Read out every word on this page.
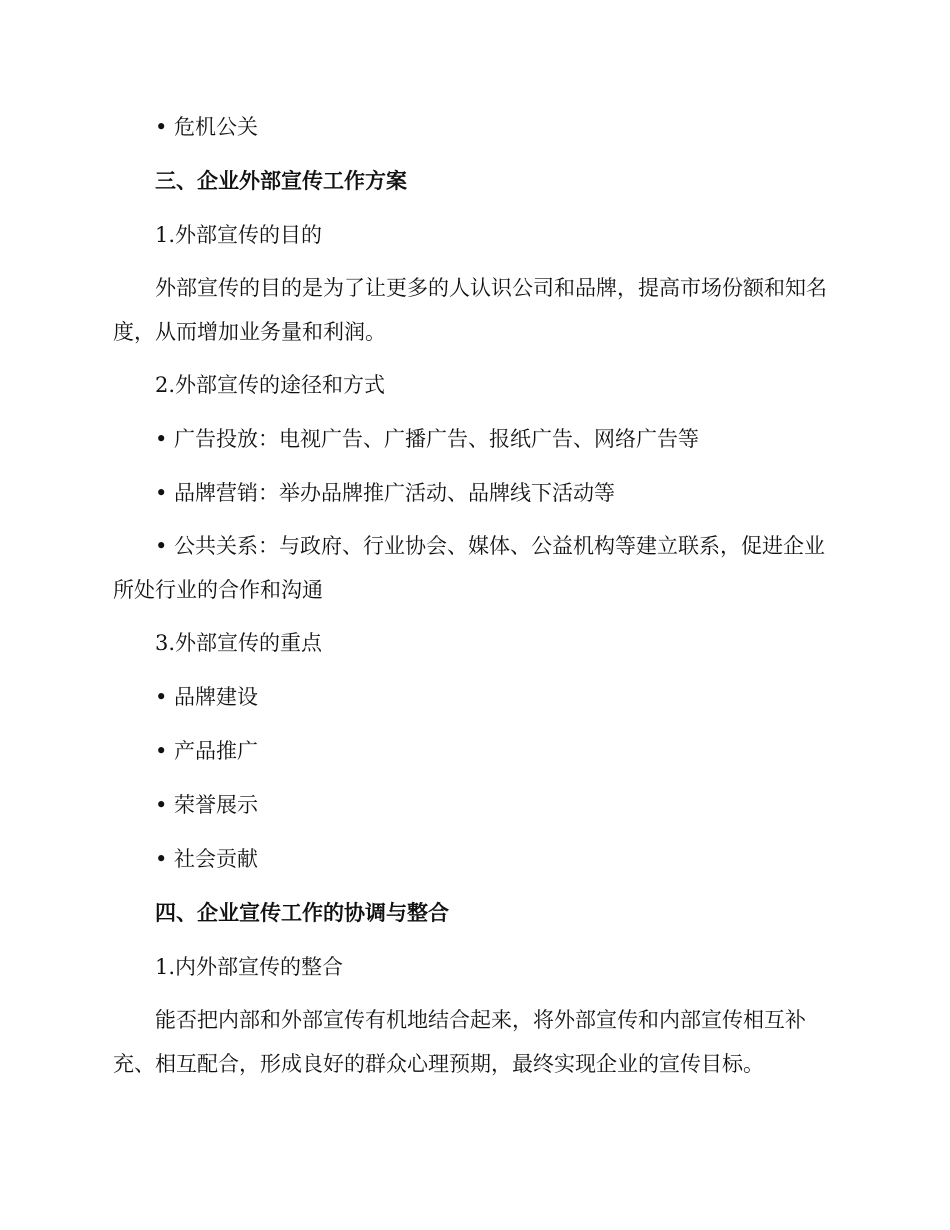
• 危机公关

三、企业外部宣传工作方案

1.外部宣传的目的

外部宣传的目的是为了让更多的人认识公司和品牌，提高市场份额和知名度，从而增加业务量和利润。

2.外部宣传的途径和方式

• 广告投放：电视广告、广播广告、报纸广告、网络广告等

• 品牌营销：举办品牌推广活动、品牌线下活动等

• 公共关系：与政府、行业协会、媒体、公益机构等建立联系，促进企业所处行业的合作和沟通

3.外部宣传的重点

• 品牌建设

• 产品推广

• 荣誉展示

• 社会贡献

四、企业宣传工作的协调与整合

1.内外部宣传的整合

能否把内部和外部宣传有机地结合起来，将外部宣传和内部宣传相互补充、相互配合，形成良好的群众心理预期，最终实现企业的宣传目标。
